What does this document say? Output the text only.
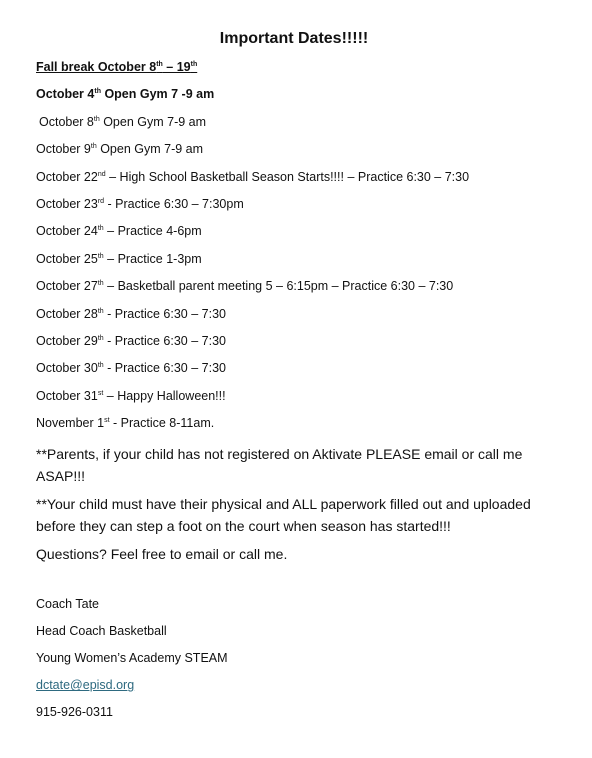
Important Dates!!!!!
Fall break October 8th – 19th
October 4th Open Gym 7 -9 am
October 8th Open Gym 7-9 am
October 9th Open Gym 7-9 am
October 22nd – High School Basketball Season Starts!!!! – Practice 6:30 – 7:30
October 23rd - Practice 6:30 – 7:30pm
October 24th – Practice 4-6pm
October 25th – Practice 1-3pm
October 27th – Basketball parent meeting 5 – 6:15pm – Practice 6:30 – 7:30
October 28th - Practice 6:30 – 7:30
October 29th - Practice 6:30 – 7:30
October 30th - Practice 6:30 – 7:30
October 31st – Happy Halloween!!!
November 1st - Practice 8-11am.
**Parents, if your child has not registered on Aktivate PLEASE email or call me ASAP!!!
**Your child must have their physical and ALL paperwork filled out and uploaded before they can step a foot on the court when season has started!!!
Questions? Feel free to email or call me.
Coach Tate
Head Coach Basketball
Young Women’s Academy STEAM
dctate@episd.org
915-926-0311
